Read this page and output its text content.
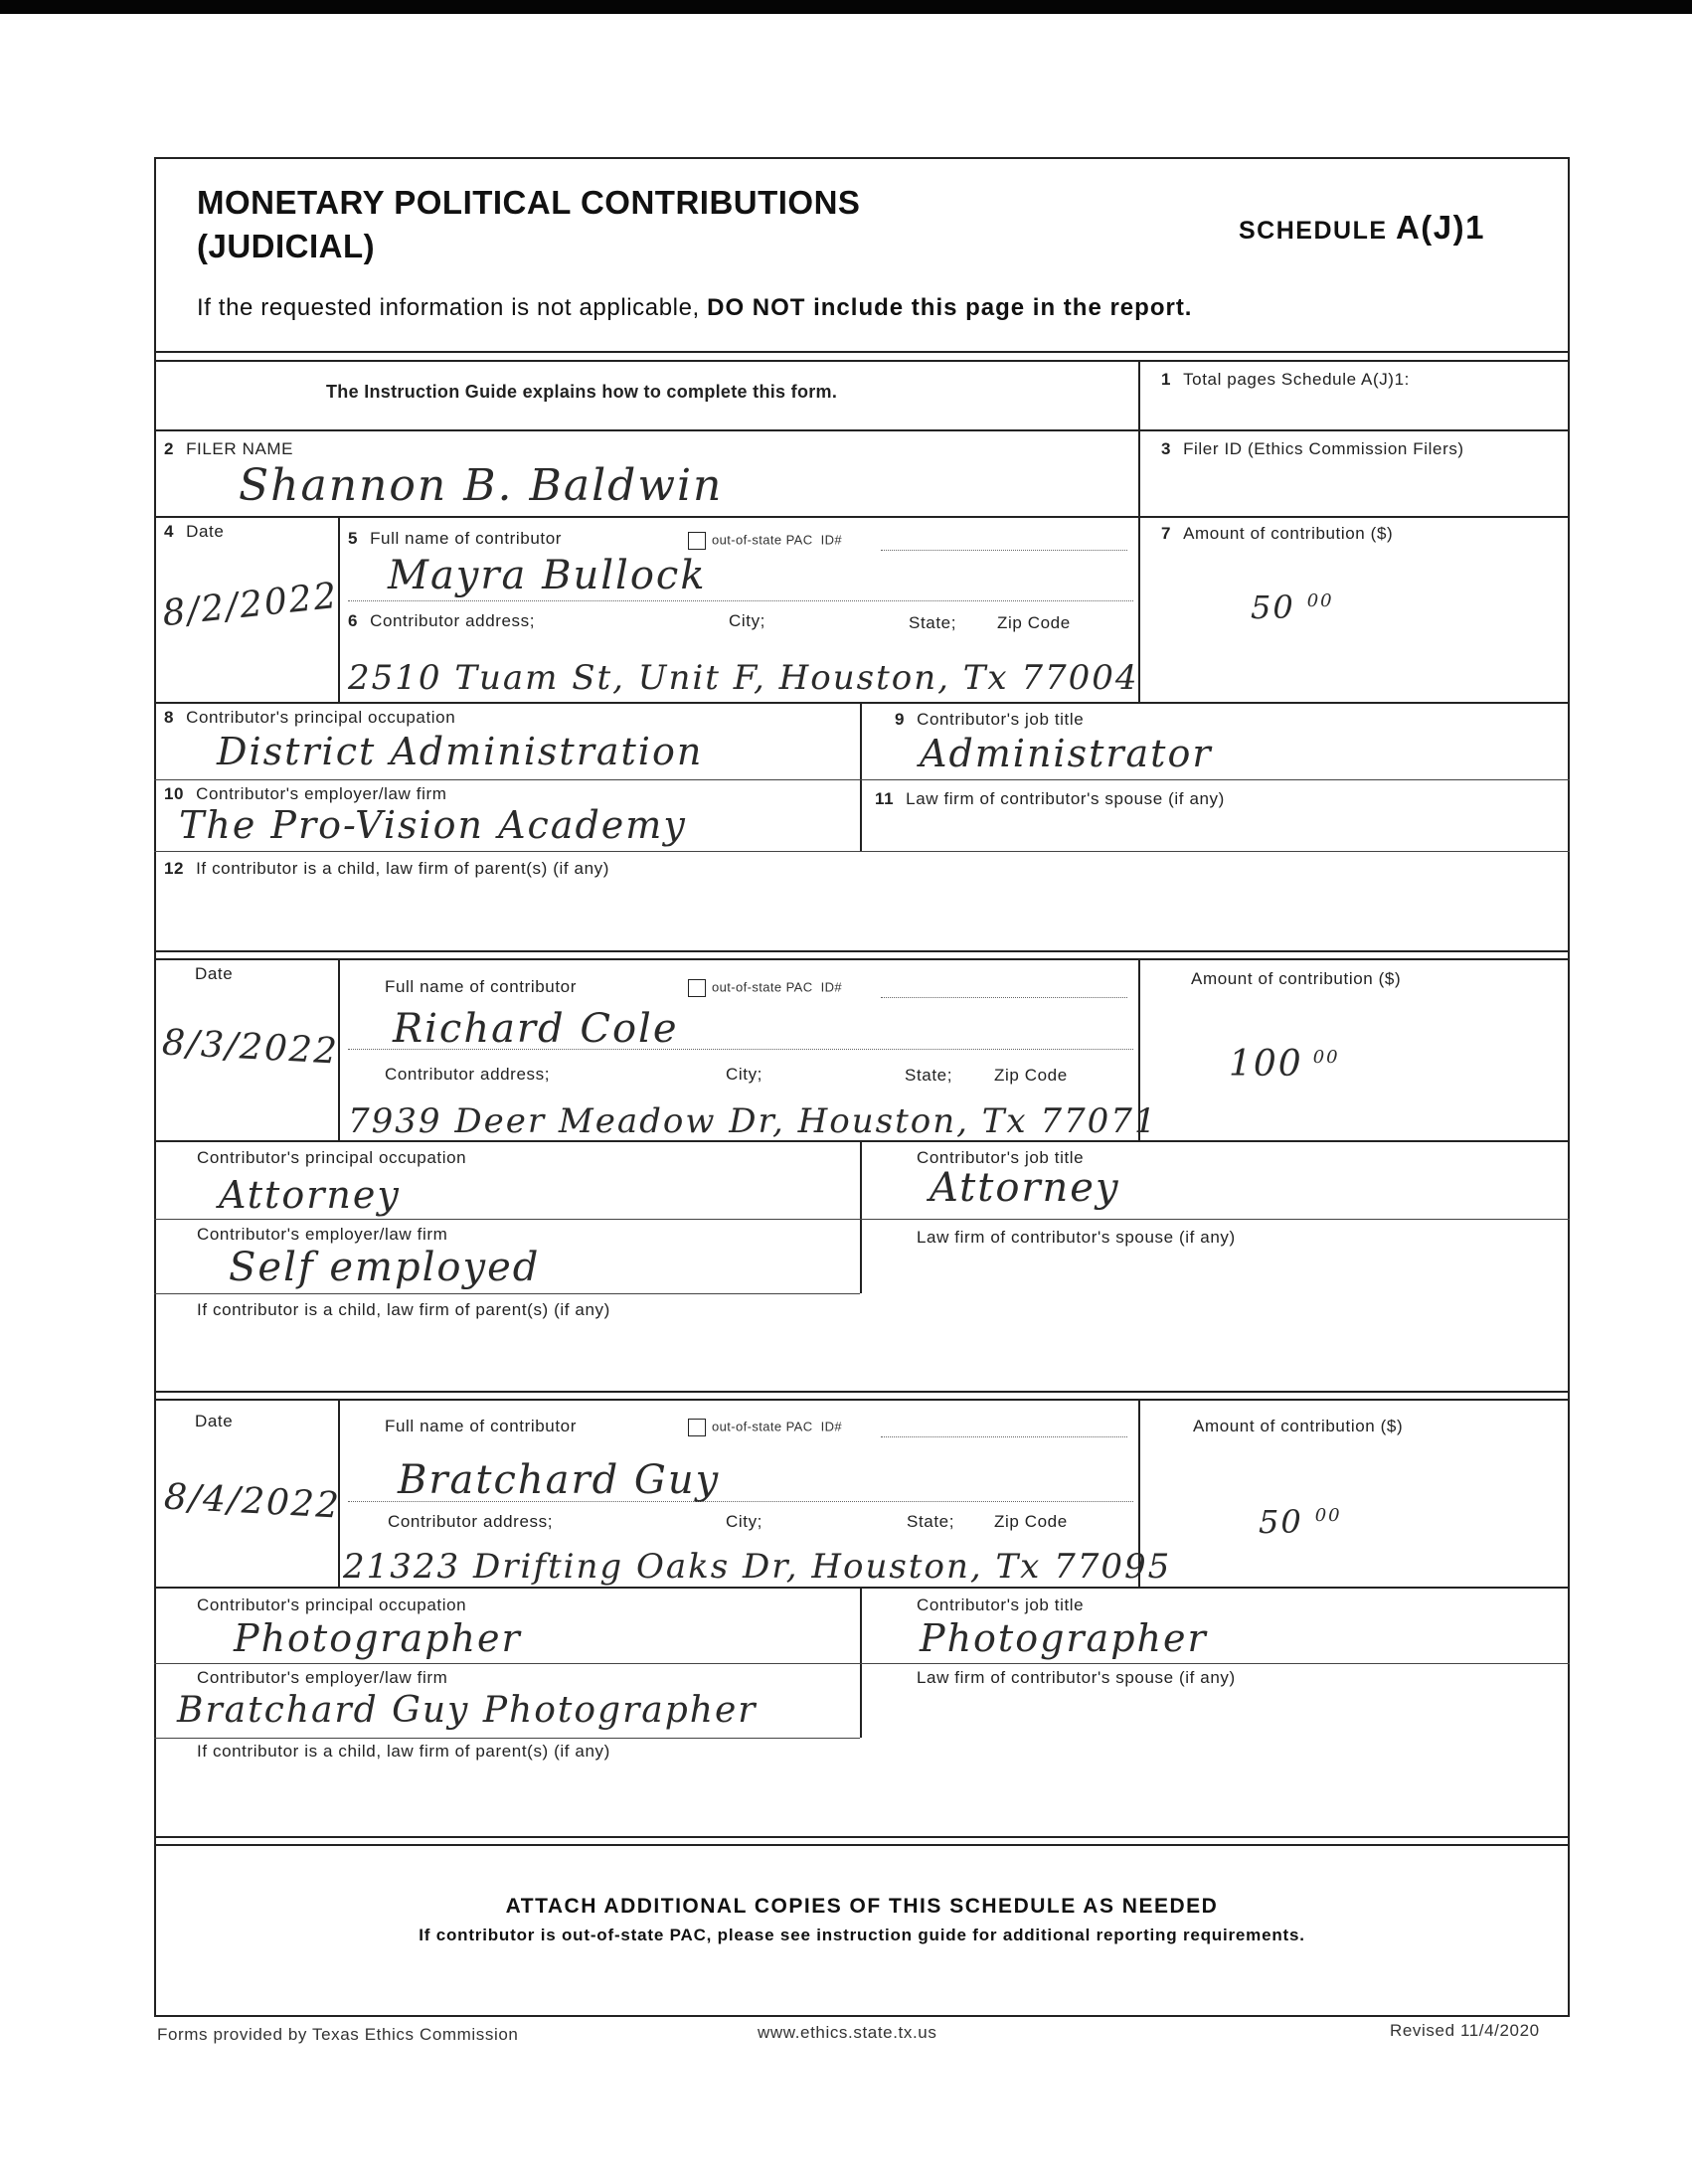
MONETARY POLITICAL CONTRIBUTIONS
(JUDICIAL)	SCHEDULE A(J)1
If the requested information is not applicable, DO NOT include this page in the report.
The Instruction Guide explains how to complete this form.
1 Total pages Schedule A(J)1:
2 FILER NAME
Shannon B. Baldwin
3 Filer ID (Ethics Commission Filers)
4 Date
8/2/2022
5 Full name of contributor	out-of-state PAC ID#
Mayra Bullock
6 Contributor address;	City;	State; Zip Code
2510 Tuam St, Unit F, Houston, Tx 77004
7 Amount of contribution ($)
50 $^{00}$
8 Contributor's principal occupation
District Administration
9 Contributor's job title
Administrator
10 Contributor's employer/law firm
The Pro-Vision Academy
11 Law firm of contributor's spouse (if any)
12 If contributor is a child, law firm of parent(s) (if any)
Date
8/3/2022
Full name of contributor	out-of-state PAC ID#
Richard Cole
Contributor address;	City;	State; Zip Code
7939 Deer Meadow Dr, Houston, Tx 77071
Amount of contribution ($)
100 $^{00}$
Contributor's principal occupation
Attorney
Contributor's job title
Attorney
Contributor's employer/law firm
Self employed
Law firm of contributor's spouse (if any)
If contributor is a child, law firm of parent(s) (if any)
Date
8/4/2022
Full name of contributor	out-of-state PAC ID#
Bratchard Guy
Contributor address;	City;	State; Zip Code
21323 Drifting Oaks Dr, Houston, Tx 77095
Amount of contribution ($)
50 $^{00}$
Contributor's principal occupation
Photographer
Contributor's job title
Photographer
Contributor's employer/law firm
Bratchard Guy Photographer
Law firm of contributor's spouse (if any)
If contributor is a child, law firm of parent(s) (if any)
ATTACH ADDITIONAL COPIES OF THIS SCHEDULE AS NEEDED
If contributor is out-of-state PAC, please see instruction guide for additional reporting requirements.
Forms provided by Texas Ethics Commission	www.ethics.state.tx.us	Revised 11/4/2020
